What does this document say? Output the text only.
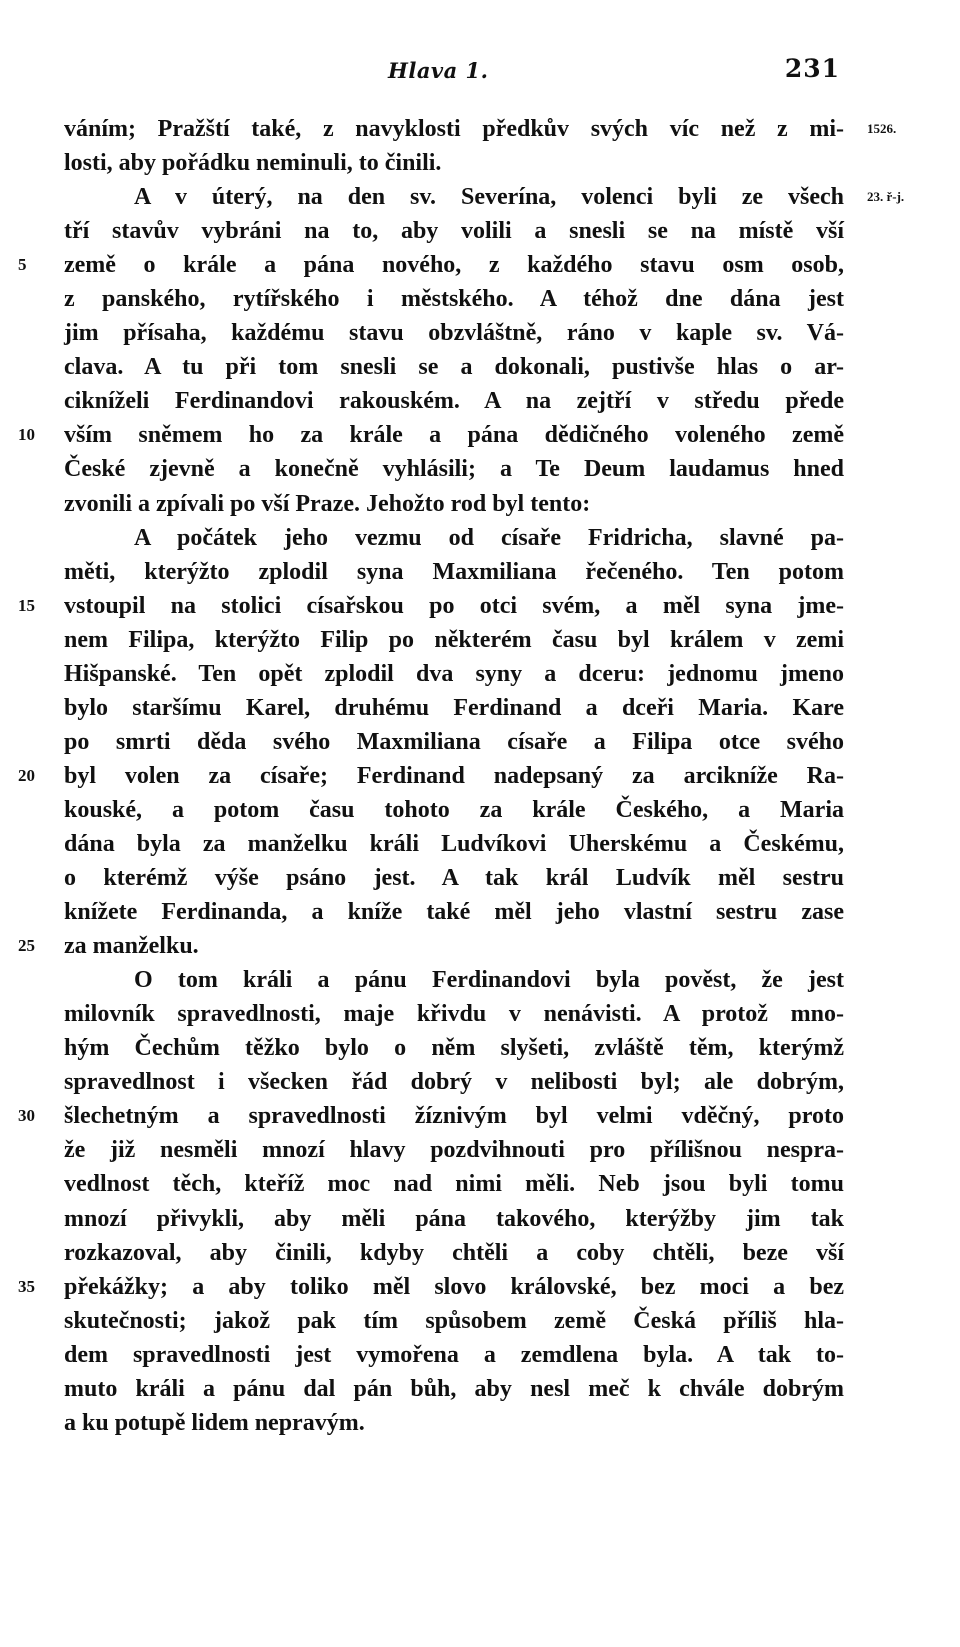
Hlava 1.	231
váním; Pražští také, z navyklosti předkův svých víc než z mi- 1526.
losti, aby pořádku neminuli, to činili.
A v úterý, na den sv. Severína, volenci byli ze všech 23. ř-j.
tří stavův vybráni na to, aby volili a snesli se na místě vší
země o krále a pána nového, z každého stavu osm osob,
5
z panského, rytířského i městského. A téhož dne dána jest
jim přísaha, každému stavu obzvláštně, ráno v kaple sv. Vá-
clava. A tu při tom snesli se a dokonali, pustivše hlas o ar-
cikníželi Ferdinandovi rakouském. A na zejtří v středu přede
vším sněmem ho za krále a pána dědičného voleného země
10
České zjevně a konečně vyhlásili; a Te Deum laudamus hned
zvonili a zpívali po vší Praze. Jehožto rod byl tento:
A počátek jeho vezmu od císaře Fridricha, slavné pa-
měti, kterýžto zplodil syna Maxmiliana řečeného. Ten potom
vstoupil na stolici císařskou po otci svém, a měl syna jme-
15
nem Filipa, kterýžto Filip po některém času byl králem v zemi
Hišpanské. Ten opět zplodil dva syny a dceru: jednomu jmeno
bylo staršímu Karel, druhému Ferdinand a dceři Maria. Kare
po smrti děda svého Maxmiliana císaře a Filipa otce svého
byl volen za císaře; Ferdinand nadepsaný za arcikníže Ra-
20
kouské, a potom času tohoto za krále Českého, a Maria
dána byla za manželku králi Ludvíkovi Uherskému a Českému,
o kterémž výše psáno jest. A tak král Ludvík měl sestru
knížete Ferdinanda, a kníže také měl jeho vlastní sestru zase
za manželku.
25
O tom králi a pánu Ferdinandovi byla pověst, že jest
milovník spravedlnosti, maje křivdu v nenávisti. A protož mno-
hým Čechům těžko bylo o něm slyšeti, zvláště těm, kterýmž
spravedlnost i všecken řád dobrý v nelibosti byl; ale dobrým,
šlechetným a spravedlnosti žíznivým byl velmi vděčný, proto
30
že již nesměli mnozí hlavy pozdvihnouti pro přílišnou nespra-
vedlnost těch, kteříž moc nad nimi měli. Neb jsou byli tomu
mnozí přivykli, aby měli pána takového, kterýžby jim tak
rozkazoval, aby činili, kdyby chtěli a coby chtěli, beze vší
překážky; a aby toliko měl slovo královské, bez moci a bez
35
skutečnosti; jakož pak tím spůsobem země Česká příliš hla-
dem spravedlnosti jest vymořena a zemdlena byla. A tak to-
muto králi a pánu dal pán bůh, aby nesl meč k chvále dobrým
a ku potupě lidem nepravým.
